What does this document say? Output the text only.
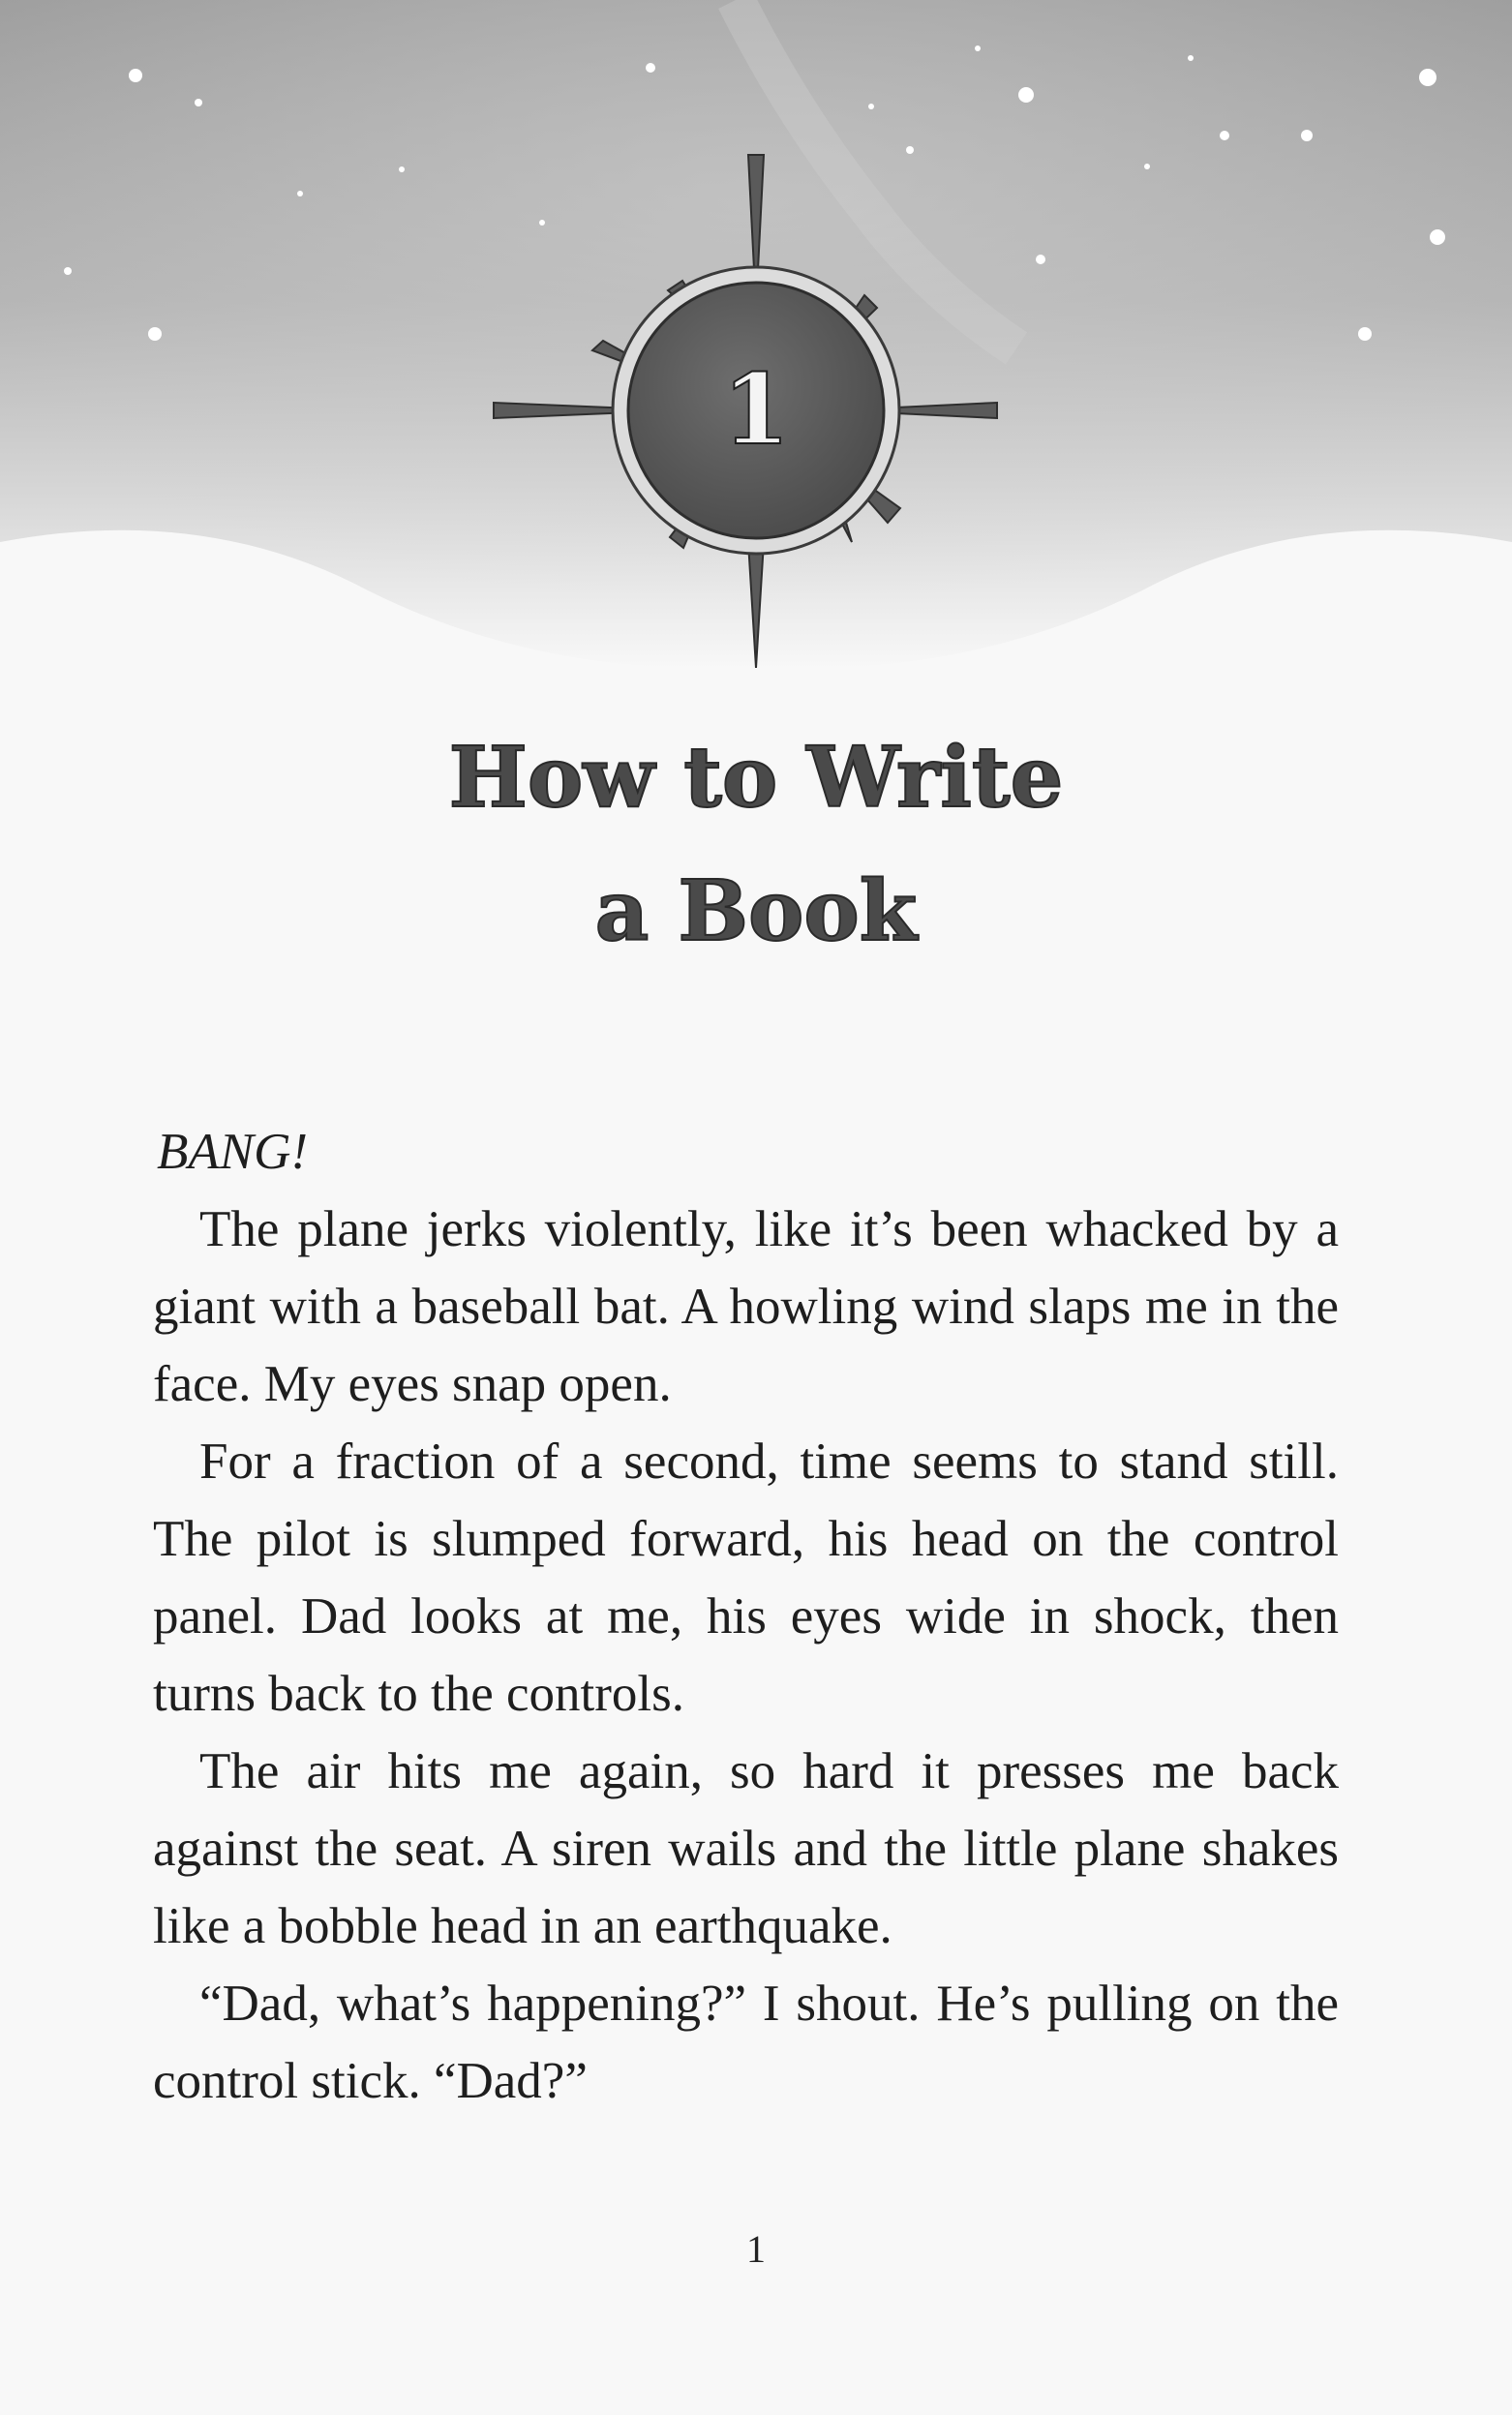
1
How to Write
a Book

BANG!

The plane jerks violently, like it’s been whacked by a giant with a baseball bat. A howling wind slaps me in the face. My eyes snap open.

For a fraction of a second, time seems to stand still. The pilot is slumped forward, his head on the control panel. Dad looks at me, his eyes wide in shock, then turns back to the controls.

The air hits me again, so hard it presses me back against the seat. A siren wails and the little plane shakes like a bobble head in an earthquake.

“Dad, what’s happening?” I shout. He’s pulling on the control stick. “Dad?”

1
